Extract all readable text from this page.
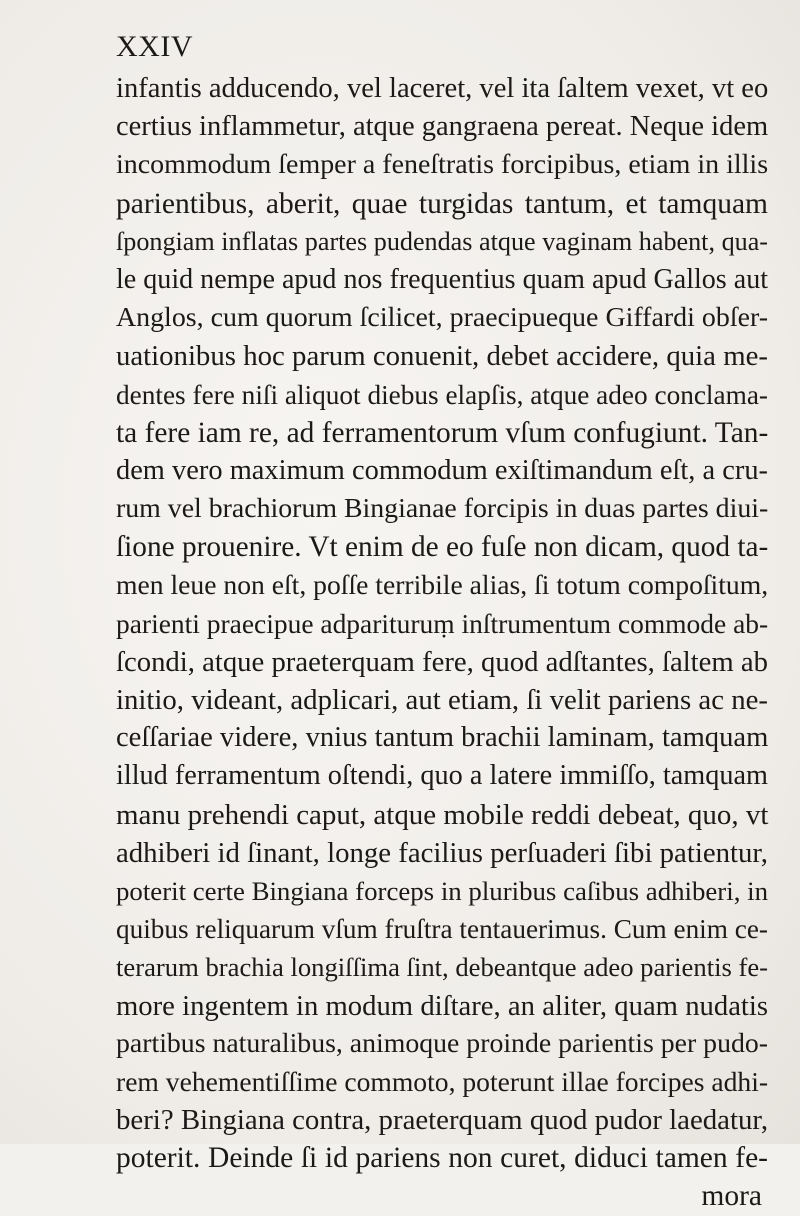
XXIV
infantis adducendo, vel laceret, vel ita ſaltem vexet, vt eo
certius inflammetur, atque gangraena pereat. Neque idem
incommodum ſemper a feneſtratis forcipibus, etiam in illis
parientibus, aberit, quae turgidas tantum, et tamquam
ſpongiam inflatas partes pudendas atque vaginam habent, qua-
le quid nempe apud nos frequentius quam apud Gallos aut
Anglos, cum quorum ſcilicet, praecipueque Giffardi obſer-
uationibus hoc parum conuenit, debet accidere, quia me-
dentes fere niſi aliquot diebus elapſis, atque adeo conclama-
ta fere iam re, ad ferramentorum vſum confugiunt. Tan-
dem vero maximum commodum exiſtimandum eſt, a cru-
rum vel brachiorum Bingianae forcipis in duas partes diui-
ſione prouenire. Vt enim de eo fuſe non dicam, quod ta-
men leue non eſt, poſſe terribile alias, ſi totum compoſitum,
parienti praecipue adparituruṃ inſtrumentum commode ab-
ſcondi, atque praeterquam fere, quod adſtantes, ſaltem ab
initio, videant, adplicari, aut etiam, ſi velit pariens ac ne-
ceſſariae videre, vnius tantum brachii laminam, tamquam
illud ferramentum oſtendi, quo a latere immiſſo, tamquam
manu prehendi caput, atque mobile reddi debeat, quo, vt
adhiberi id ſinant, longe facilius perſuaderi ſibi patientur,
poterit certe Bingiana forceps in pluribus caſibus adhiberi, in
quibus reliquarum vſum fruſtra tentauerimus. Cum enim ce-
terarum brachia longiſſima ſint, debeantque adeo parientis fe-
more ingentem in modum diſtare, an aliter, quam nudatis
partibus naturalibus, animoque proinde parientis per pudo-
rem vehementiſſime commoto, poterunt illae forcipes adhi-
beri? Bingiana contra, praeterquam quod pudor laedatur,
poterit. Deinde ſi id pariens non curet, diduci tamen fe-
mora
